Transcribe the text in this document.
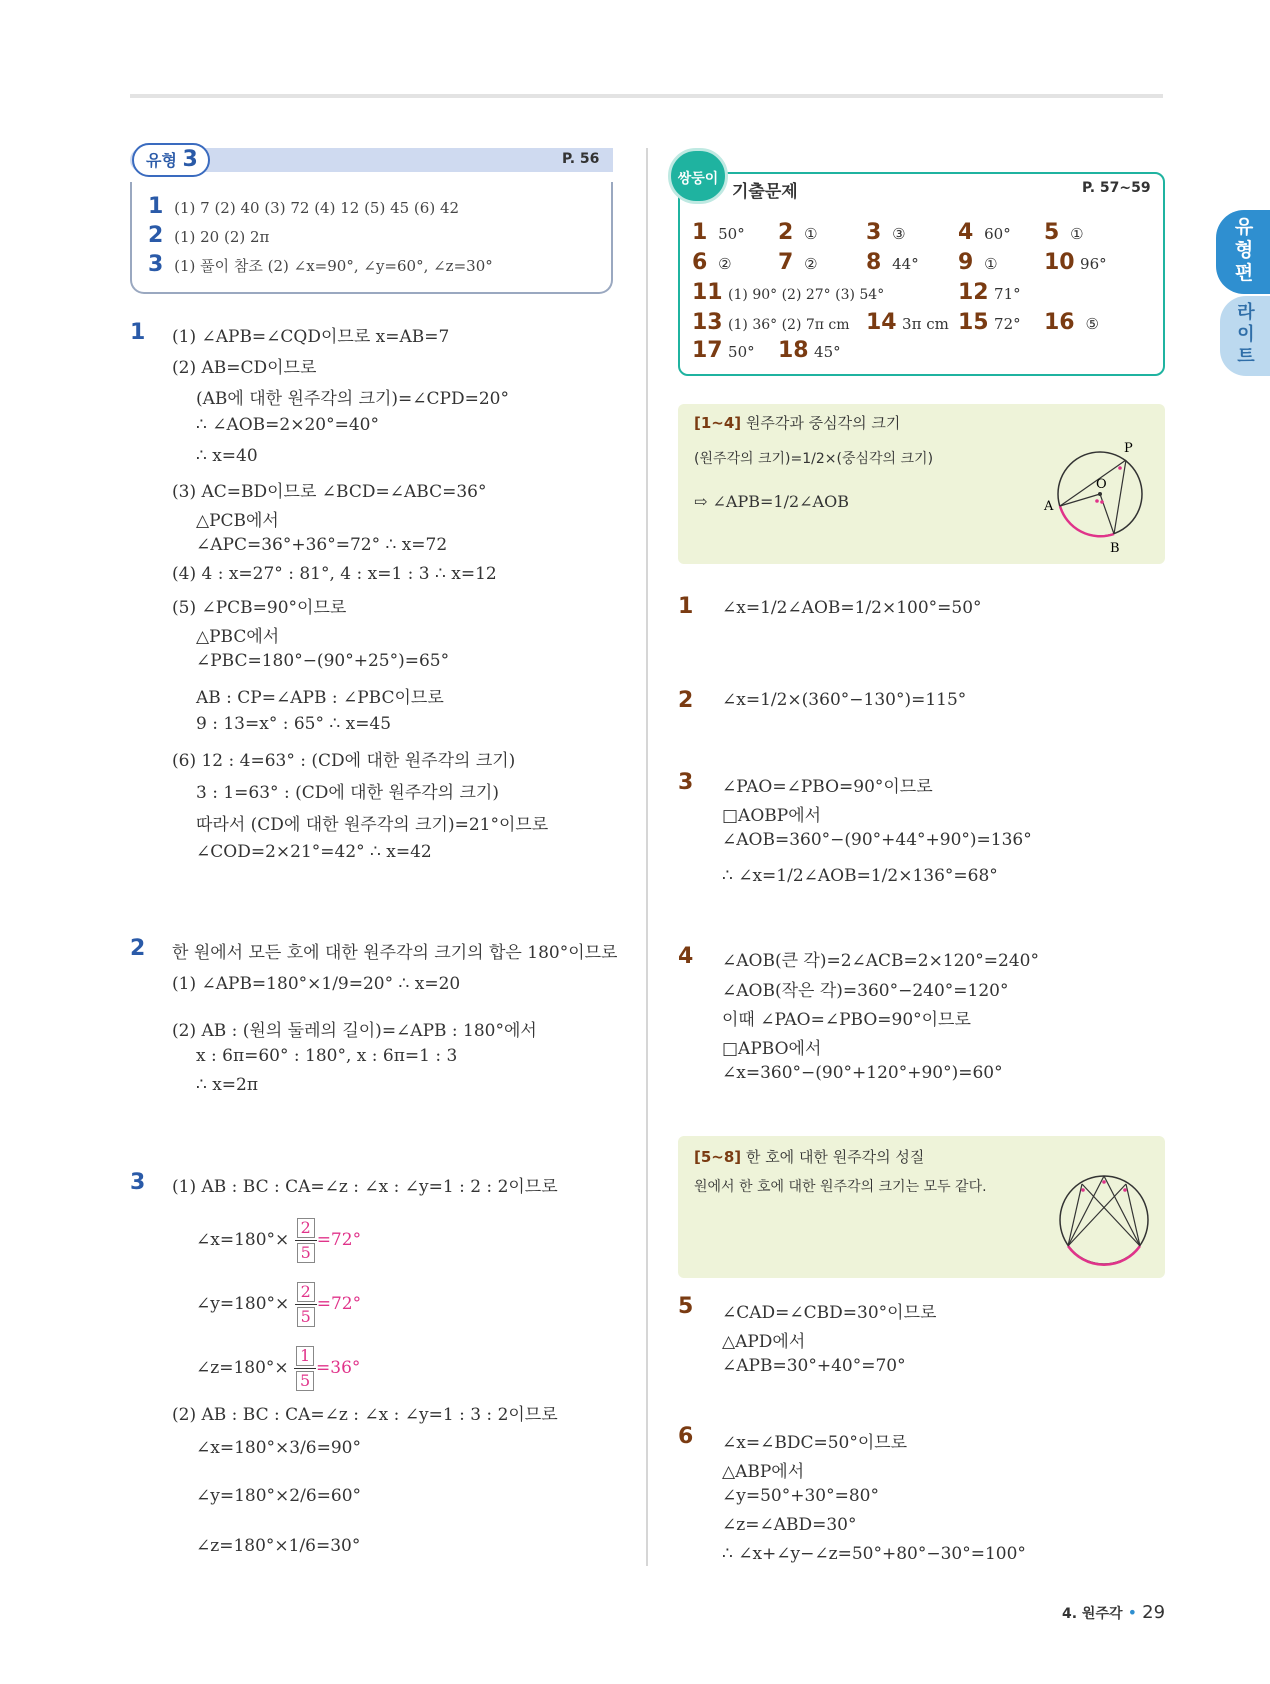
유형 3	P. 56
1 (1) 7 (2) 40 (3) 72 (4) 12 (5) 45 (6) 42
2 (1) 20 (2) 2π
3 (1) 풀이 참조 (2) ∠x=90°, ∠y=60°, ∠z=30°
1 (1) ∠APB=∠CQD이므로 x=AB=7
(2) AB=CD이므로
(AB에 대한 원주각의 크기)=∠CPD=20°
∴ ∠AOB=2×20°=40°
∴ x=40
(3) AC=BD이므로 ∠BCD=∠ABC=36°
△PCB에서
∠APC=36°+36°=72° ∴ x=72
(4) 4 : x=27° : 81°, 4 : x=1 : 3 ∴ x=12
(5) ∠PCB=90°이므로
△PBC에서
∠PBC=180°−(90°+25°)=65°
AB : CP=∠APB : ∠PBC이므로
9 : 13=x° : 65° ∴ x=45
(6) 12 : 4=63° : (CD에 대한 원주각의 크기)
3 : 1=63° : (CD에 대한 원주각의 크기)
따라서 (CD에 대한 원주각의 크기)=21°이므로
∠COD=2×21°=42° ∴ x=42
2 한 원에서 모든 호에 대한 원주각의 크기의 합은 180°이므로
(1) ∠APB=180°×1/9=20° ∴ x=20
(2) AB : (원의 둘레의 길이)=∠APB : 180°에서
x : 6π=60° : 180°, x : 6π=1 : 3
∴ x=2π
3 (1) AB : BC : CA=∠z : ∠x : ∠y=1 : 2 : 2이므로
∠x=180°× $\frac{2}{5} =72^\circ$
∠y=180°× $\frac{2}{5} =72^\circ$
∠z=180°× $\frac{1}{5} =36^\circ$
(2) AB : BC : CA=∠z : ∠x : ∠y=1 : 3 : 2이므로
∠x=180°×3/6=90°
∠y=180°×2/6=60°
∠z=180°×1/6=30°
쌍둥이
기출문제	P. 57~59
1 50° 2 ① 3 ③ 4 60° 5 ①
6 ② 7 ② 8 44° 9 ① 10 96°
11 (1) 90° (2) 27° (3) 54°	12 71°
13 (1) 36° (2) 7π cm 14 3π cm 15 72° 16 ⑤
17 50° 18 45°
[1~4] 원주각과 중심각의 크기
(원주각의 크기)=1/2×(중심각의 크기)
⇨ ∠APB=1/2∠AOB
P
O
A
B
1 ∠x=1/2∠AOB=1/2×100°=50°
2 ∠x=1/2×(360°−130°)=115°
3 ∠PAO=∠PBO=90°이므로
□AOBP에서
∠AOB=360°−(90°+44°+90°)=136°
∴ ∠x=1/2∠AOB=1/2×136°=68°
4 ∠AOB(큰 각)=2∠ACB=2×120°=240°
∠AOB(작은 각)=360°−240°=120°
이때 ∠PAO=∠PBO=90°이므로
□APBO에서
∠x=360°−(90°+120°+90°)=60°
[5~8] 한 호에 대한 원주각의 성질
원에서 한 호에 대한 원주각의 크기는 모두 같다.
5 ∠CAD=∠CBD=30°이므로
△APD에서
∠APB=30°+40°=70°
6 ∠x=∠BDC=50°이므로
△ABP에서
∠y=50°+30°=80°
∠z=∠ABD=30°
∴ ∠x+∠y−∠z=50°+80°−30°=100°
유형편
라이트
4. 원주각 • 29
